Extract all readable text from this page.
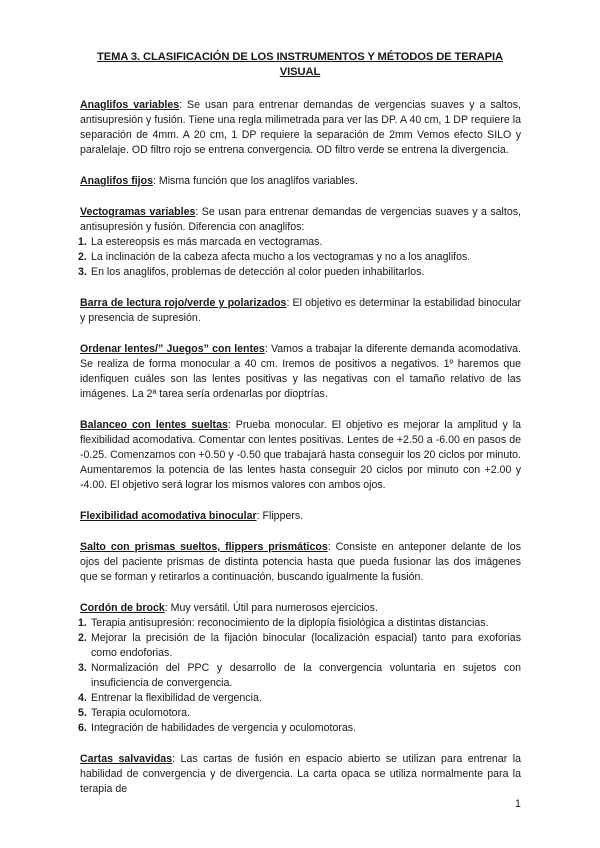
TEMA 3. CLASIFICACIÓN DE LOS INSTRUMENTOS Y MÉTODOS DE TERAPIA VISUAL

Anaglifos variables: Se usan para entrenar demandas de vergencias suaves y a saltos, antisupresión y fusión. Tiene una regla milimetrada para ver las DP. A 40 cm, 1 DP requiere la separación de 4mm. A 20 cm, 1 DP requiere la separación de 2mm Vemos efecto SILO y paralelaje. OD filtro rojo se entrena convergencia. OD filtro verde se entrena la divergencia.

Anaglifos fijos: Misma función que los anaglifos variables.

Vectogramas variables: Se usan para entrenar demandas de vergencias suaves y a saltos, antisupresión y fusión. Diferencia con anaglifos:

1. La estereopsis es más marcada en vectogramas.
2. La inclinación de la cabeza afecta mucho a los vectogramas y no a los anaglifos.
3. En los anaglifos, problemas de detección al color pueden inhabilitarlos.

Barra de lectura rojo/verde y polarizados: El objetivo es determinar la estabilidad binocular y presencia de supresión.

Ordenar lentes/” Juegos” con lentes: Vamos a trabajar la diferente demanda acomodativa. Se realiza de forma monocular a 40 cm. Iremos de positivos a negativos. 1º haremos que idenfiquen cuáles son las lentes positivas y las negativas con el tamaño relativo de las imágenes. La 2ª tarea sería ordenarlas por dioptrías.

Balanceo con lentes sueltas: Prueba monocular. El objetivo es mejorar la amplitud y la flexibilidad acomodativa. Comentar con lentes positivas. Lentes de +2.50 a -6.00 en pasos de -0.25. Comenzamos con +0.50 y -0.50 que trabajará hasta conseguir los 20 ciclos por minuto. Aumentaremos la potencia de las lentes hasta conseguir 20 ciclos por minuto con +2.00 y -4.00. El objetivo será lograr los mismos valores con ambos ojos.

Flexibilidad acomodativa binocular: Flippers.

Salto con prismas sueltos, flippers prismáticos: Consiste en anteponer delante de los ojos del paciente prismas de distinta potencia hasta que pueda fusionar las dos imágenes que se forman y retirarlos a continuación, buscando igualmente la fusión.

Cordón de brock: Muy versátil. Útil para numerosos ejercicios.

1. Terapia antisupresión: reconocimiento de la diplopía fisiológica a distintas distancias.
2. Mejorar la precisión de la fijación binocular (localización espacial) tanto para exoforias como endoforias.
3. Normalización del PPC y desarrollo de la convergencia voluntaria en sujetos con insuficiencia de convergencia.
4. Entrenar la flexibilidad de vergencia.
5. Terapia oculomotora.
6. Integración de habilidades de vergencia y oculomotoras.

Cartas salvavidas: Las cartas de fusión en espacio abierto se utilizan para entrenar la habilidad de convergencia y de divergencia. La carta opaca se utiliza normalmente para la terapia de

1
